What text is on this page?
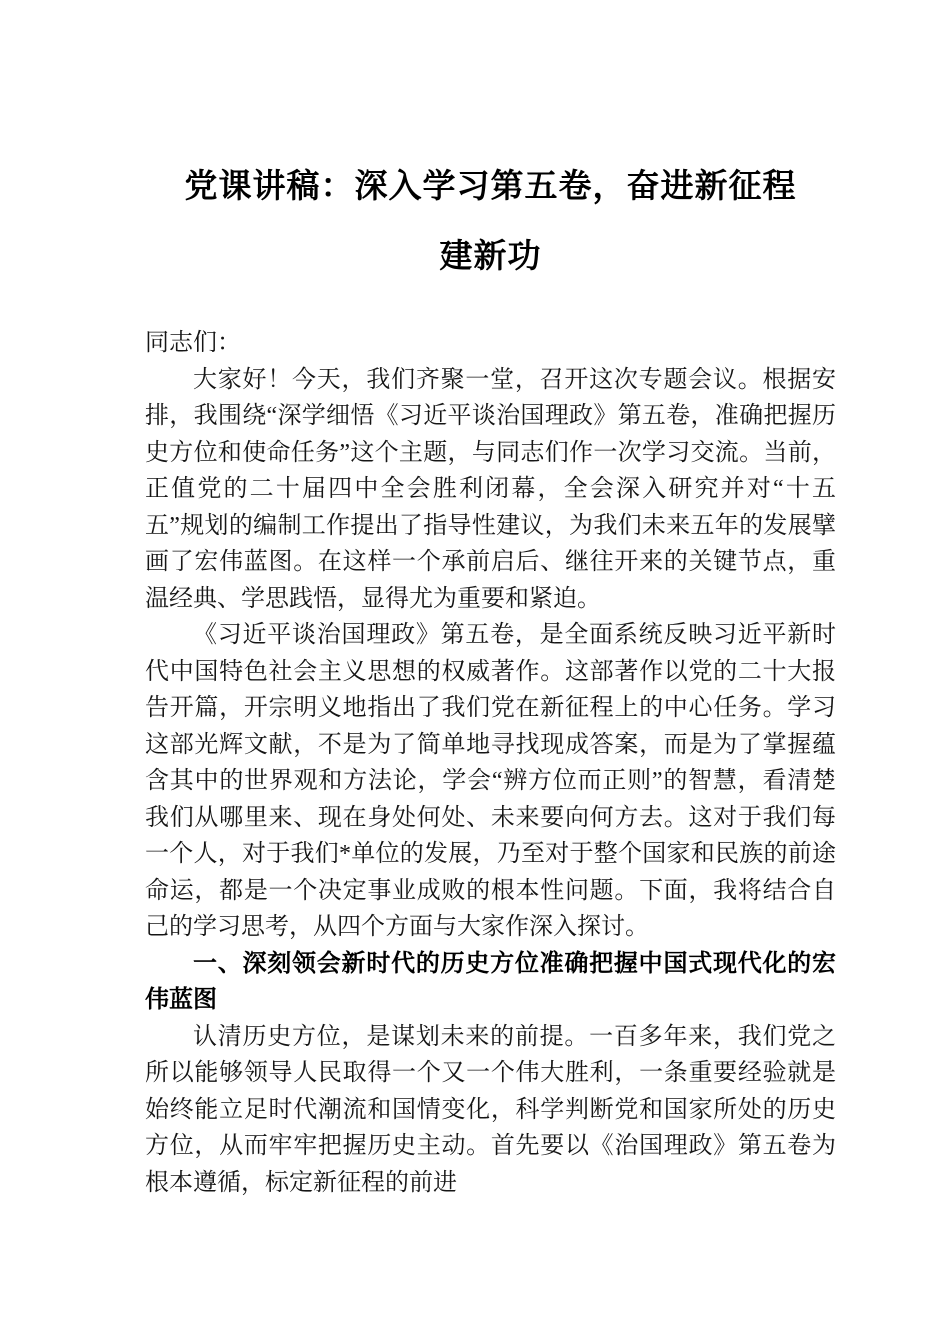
党课讲稿：深入学习第五卷，奋进新征程
建新功

同志们：

大家好！今天，我们齐聚一堂，召开这次专题会议。根据安排，我围绕“深学细悟《习近平谈治国理政》第五卷，准确把握历史方位和使命任务”这个主题，与同志们作一次学习交流。当前，正值党的二十届四中全会胜利闭幕，全会深入研究并对“十五五”规划的编制工作提出了指导性建议，为我们未来五年的发展擘画了宏伟蓝图。在这样一个承前启后、继往开来的关键节点，重温经典、学思践悟，显得尤为重要和紧迫。

《习近平谈治国理政》第五卷，是全面系统反映习近平新时代中国特色社会主义思想的权威著作。这部著作以党的二十大报告开篇，开宗明义地指出了我们党在新征程上的中心任务。学习这部光辉文献，不是为了简单地寻找现成答案，而是为了掌握蕴含其中的世界观和方法论，学会“辨方位而正则”的智慧，看清楚我们从哪里来、现在身处何处、未来要向何方去。这对于我们每一个人，对于我们*单位的发展，乃至对于整个国家和民族的前途命运，都是一个决定事业成败的根本性问题。下面，我将结合自己的学习思考，从四个方面与大家作深入探讨。

一、深刻领会新时代的历史方位准确把握中国式现代化的宏伟蓝图

认清历史方位，是谋划未来的前提。一百多年来，我们党之所以能够领导人民取得一个又一个伟大胜利，一条重要经验就是始终能立足时代潮流和国情变化，科学判断党和国家所处的历史方位，从而牢牢把握历史主动。首先要以《治国理政》第五卷为根本遵循，标定新征程的前进
